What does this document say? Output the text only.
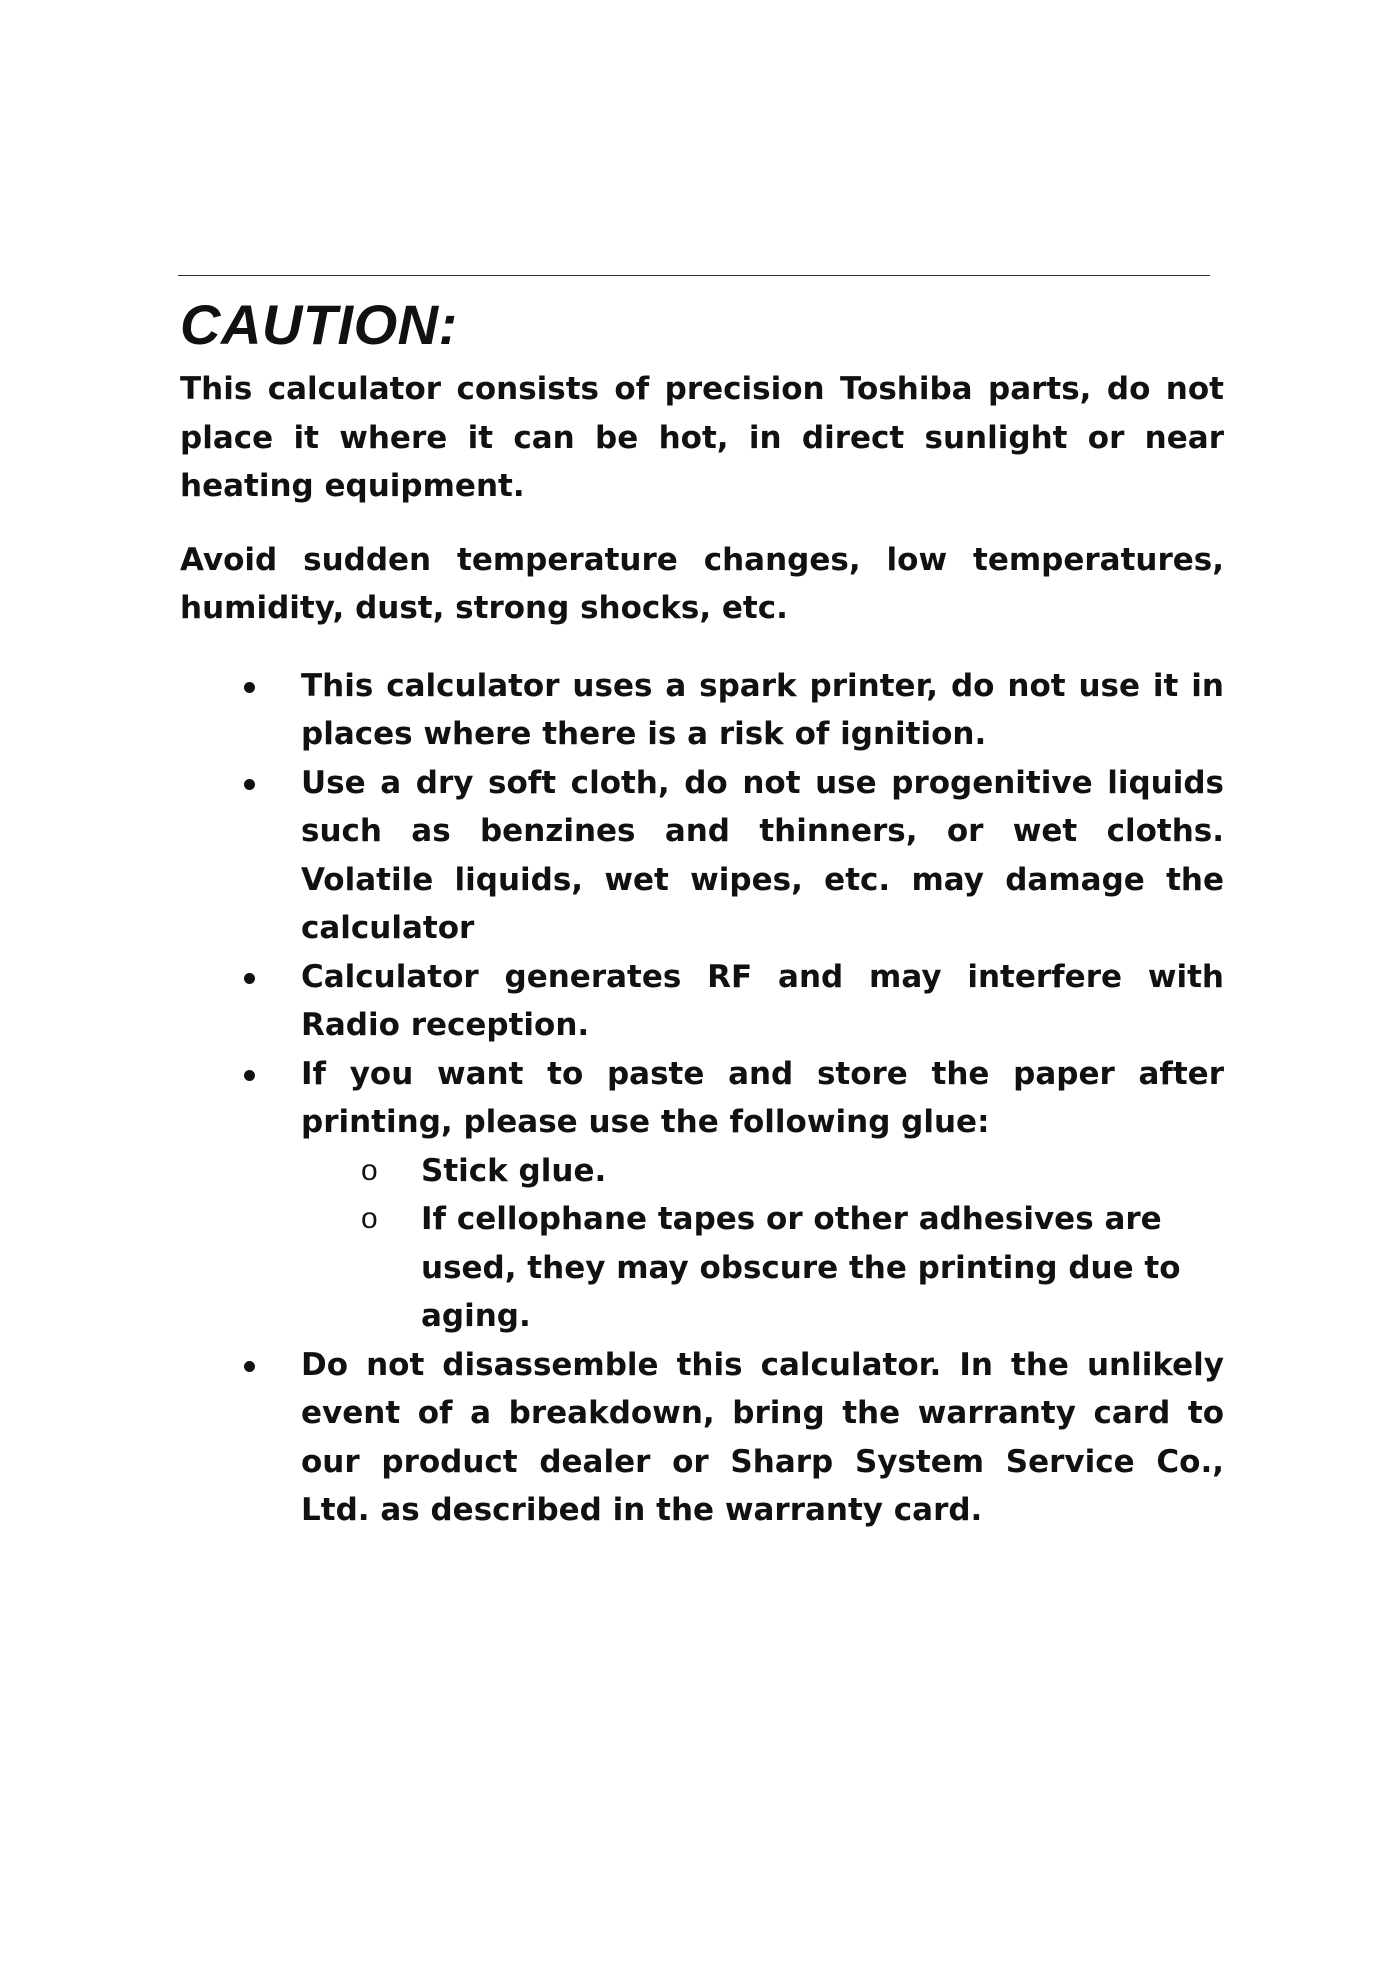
CAUTION:

This calculator consists of precision Toshiba parts, do not place it where it can be hot, in direct sunlight or near heating equipment.

Avoid sudden temperature changes, low temperatures, humidity, dust, strong shocks, etc.

This calculator uses a spark printer, do not use it in places where there is a risk of ignition.
Use a dry soft cloth, do not use progenitive liquids such as benzines and thinners, or wet cloths. Volatile liquids, wet wipes, etc. may damage the calculator
Calculator generates RF and may interfere with Radio reception.
If you want to paste and store the paper after printing, please use the following glue:
o Stick glue.
o If cellophane tapes or other adhesives are used, they may obscure the printing due to aging.
Do not disassemble this calculator. In the unlikely event of a breakdown, bring the warranty card to our product dealer or Sharp System Service Co., Ltd. as described in the warranty card.
